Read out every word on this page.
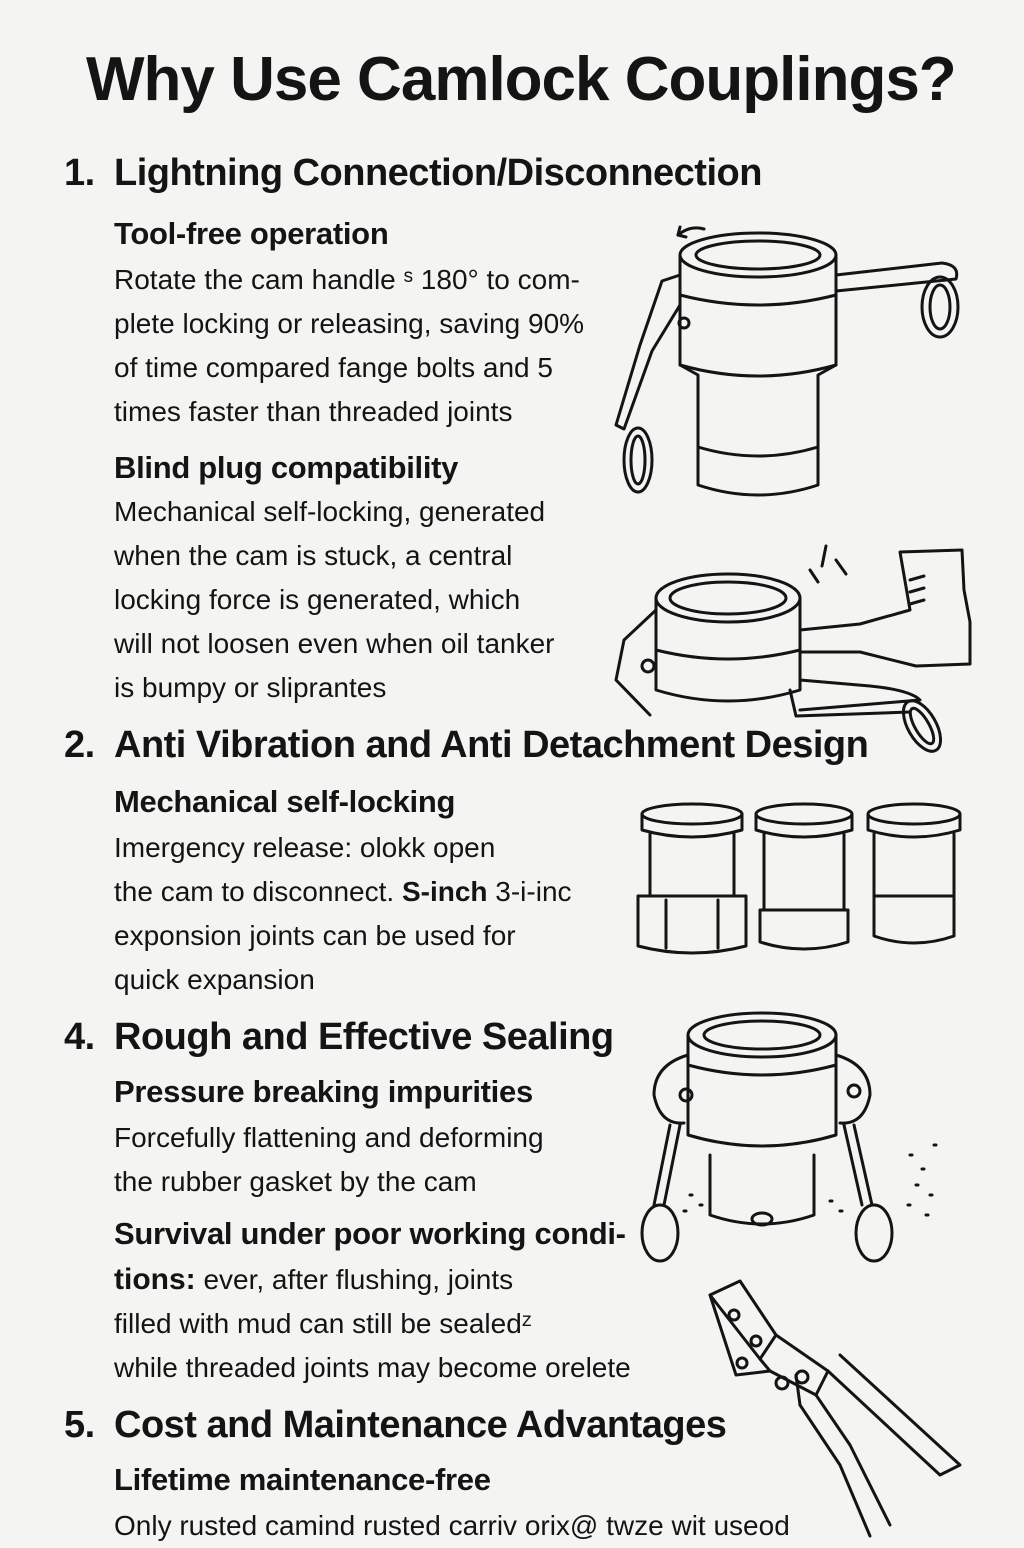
Why Use Camlock Couplings?
1. Lightning Connection/Disconnection
Tool-free operation
Rotate the cam handle ˢ 180° to com-
plete locking or releasing, saving 90%
of time compared fange bolts and 5
times faster than threaded joints
Blind plug compatibility
Mechanical self-locking, generated
when the cam is stuck, a central
locking force is generated, which
will not loosen even when oil tanker
is bumpy or sliprantes
2. Anti Vibration and Anti Detachment Design
Mechanical self-locking
Imergency release: olokk open
the cam to disconnect. S-inch 3-i-inc
exponsion joints can be used for
quick expansion
4. Rough and Effective Sealing
Pressure breaking impurities
Forcefully flattening and deforming
the rubber gasket by the cam
Survival under poor working condi-
tions: ever, after flushing, joints
filled with mud can still be sealedᶻ
while threaded joints may become orelete
5. Cost and Maintenance Advantages
Lifetime maintenance-free
Only rusted camind rusted carriv orix@ twze wit useod
